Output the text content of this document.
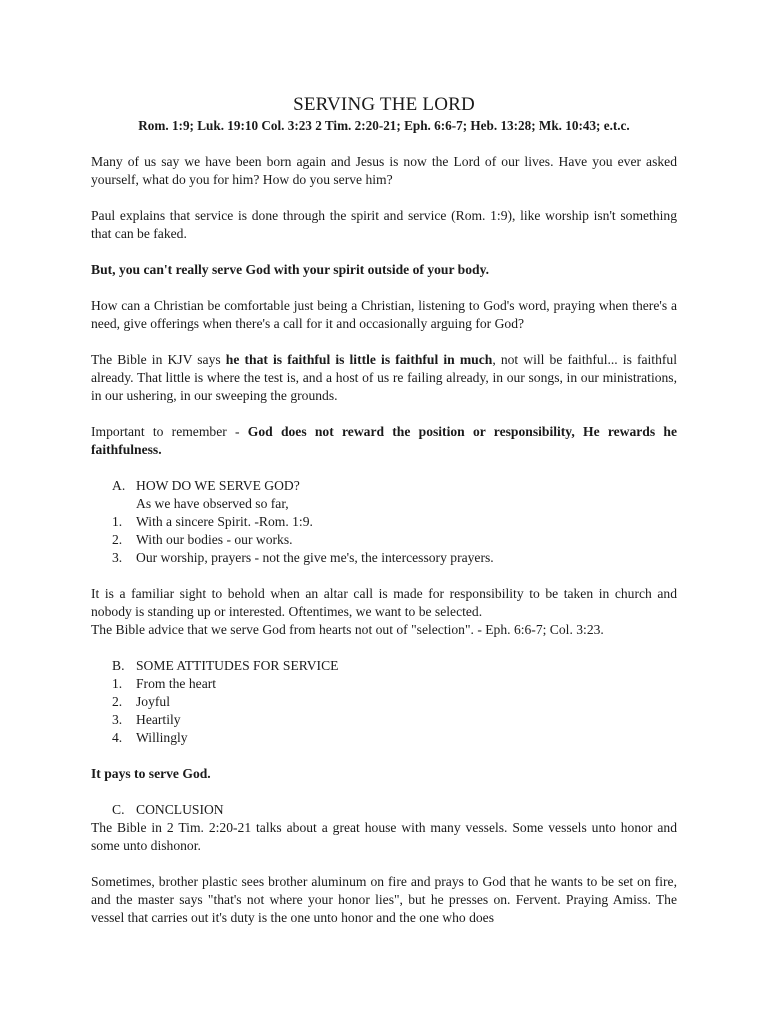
SERVING THE LORD

Rom. 1:9; Luk. 19:10 Col. 3:23 2 Tim. 2:20-21; Eph. 6:6-7; Heb. 13:28; Mk. 10:43; e.t.c.

Many of us say we have been born again and Jesus is now the Lord of our lives. Have you ever asked yourself, what do you for him? How do you serve him?

Paul explains that service is done through the spirit and service (Rom. 1:9), like worship isn't something that can be faked.

But, you can't really serve God with your spirit outside of your body.

How can a Christian be comfortable just being a Christian, listening to God's word, praying when there's a need, give offerings when there's a call for it and occasionally arguing for God?

The Bible in KJV says he that is faithful is little is faithful in much, not will be faithful... is faithful already. That little is where the test is, and a host of us re failing already, in our songs, in our ministrations, in our ushering, in our sweeping the grounds.

Important to remember - God does not reward the position or responsibility, He rewards he faithfulness.

A. HOW DO WE SERVE GOD?

As we have observed so far,

1.	With a sincere Spirit. -Rom. 1:9.
2.	With our bodies - our works.
3.	Our worship, prayers - not the give me's, the intercessory prayers.

It is a familiar sight to behold when an altar call is made for responsibility to be taken in church and nobody is standing up or interested. Oftentimes, we want to be selected.

The Bible advice that we serve God from hearts not out of "selection". - Eph. 6:6-7; Col. 3:23.

B. SOME ATTITUDES FOR SERVICE
1.	From the heart
2.	Joyful
3.	Heartily
4.	Willingly

It pays to serve God.

C. CONCLUSION

The Bible in 2 Tim. 2:20-21 talks about a great house with many vessels. Some vessels unto honor and some unto dishonor.

Sometimes, brother plastic sees brother aluminum on fire and prays to God that he wants to be set on fire, and the master says "that's not where your honor lies", but he presses on. Fervent. Praying Amiss. The vessel that carries out it's duty is the one unto honor and the one who does
